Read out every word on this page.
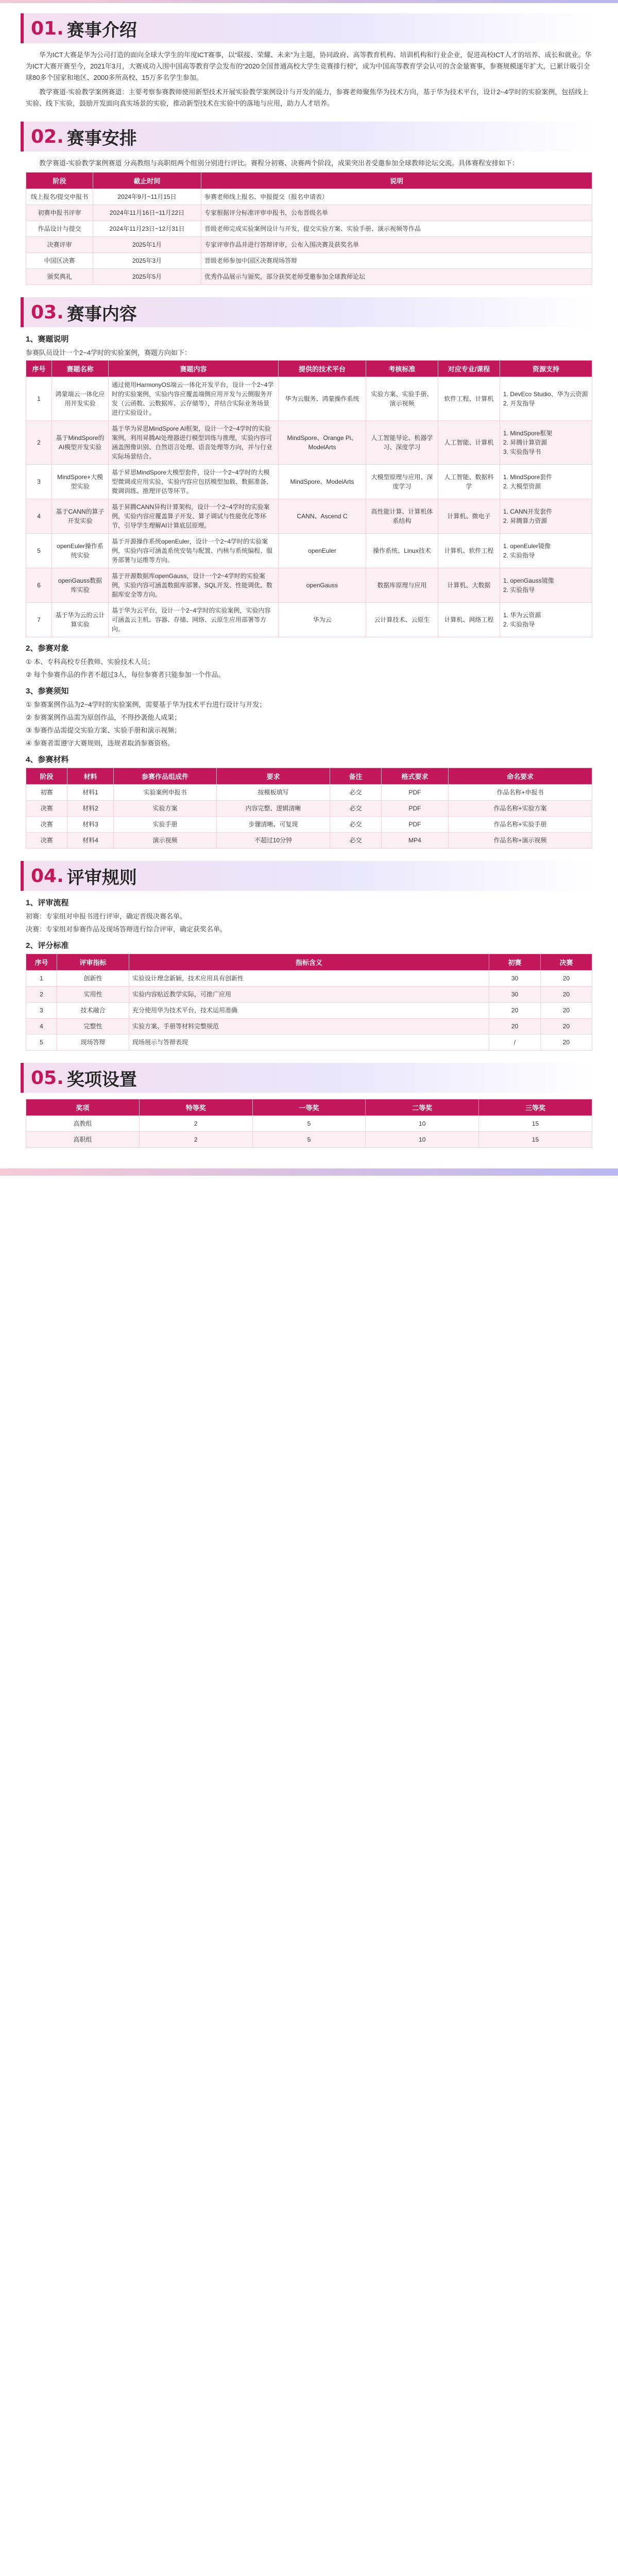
01. 赛事介绍

华为ICT大赛是华为公司打造的面向全球大学生的年度ICT赛事，以“联接、荣耀、未来”为主题，协同政府、高等教育机构、培训机构和行业企业，促进高校ICT人才的培养、成长和就业。华为ICT大赛开赛至今，2021年3月，大赛成功入围中国高等教育学会发布的“2020全国普通高校大学生竞赛排行榜”，成为中国高等教育学会认可的含金量赛事，参赛规模逐年扩大，已累计吸引全球80多个国家和地区、2000多所高校、15万多名学生参加。

教学赛道·实验教学案例赛道：主要考察参赛教师使用新型技术开展实验教学案例设计与开发的能力，参赛老师聚焦华为技术方向，基于华为技术平台，设计2~4学时的实验案例，包括线上实验、线下实验，鼓励开发面向真实场景的实验，推动新型技术在实验中的落地与应用，助力人才培养。

02. 赛事安排

教学赛道-实验教学案例赛道 分高教组与高职组两个组别分别进行评比。赛程分初赛、决赛两个阶段，成果突出者受邀参加全球教师论坛交流。具体赛程安排如下：

阶段	截止时间	说明
线上报名/提交申报书	2024年9月~11月15日	参赛老师线上报名、申报提交（报名申请表）
初赛申报书评审	2024年11月16日~11月22日	专家根据评分标准评审申报书，公布晋级名单
作品设计与提交	2024年11月23日~12月31日	晋级老师完成实验案例设计与开发，提交实验方案、实验手册、演示视频等作品
决赛评审	2025年1月	专家评审作品并进行答辩评审，公布入围决赛及获奖名单
中国区决赛	2025年3月	晋级老师参加中国区决赛现场答辩
颁奖典礼	2025年5月	优秀作品展示与颁奖，部分获奖老师受邀参加全球教师论坛
03. 赛事内容
1、赛题说明
参赛队员设计一个2~4学时的实验案例，赛题方向如下：
序号	赛题名称	赛题内容	提供的技术平台	考核标准	对应专业/课程	资源支持
1	鸿蒙端云一体化应用开发实验	通过使用HarmonyOS端云一体化开发平台，设计一个2~4学时的实验案例，实验内容应覆盖端侧应用开发与云侧服务开发（云函数、云数据库、云存储等），并结合实际业务场景进行实验设计。	华为云服务、鸿蒙操作系统	实验方案、实验手册、演示视频	软件工程、计算机	1. DevEco Studio、华为云资源
2. 开发指导
2	基于MindSpore的AI模型开发实验	基于华为昇思MindSpore AI框架，设计一个2~4学时的实验案例，利用昇腾AI处理器进行模型训练与推理，实验内容可涵盖图像识别、自然语言处理、语音处理等方向，并与行业实际场景结合。	MindSpore、Orange Pi、ModelArts	人工智能导论、机器学习、深度学习	人工智能、计算机	1. MindSpore框架
2. 昇腾计算资源
3. 实验指导书
3	MindSpore+大模型实验	基于昇思MindSpore大模型套件，设计一个2~4学时的大模型微调或应用实验，实验内容应包括模型加载、数据准备、微调训练、推理评估等环节。	MindSpore、ModelArts	大模型原理与应用、深度学习	人工智能、数据科学	1. MindSpore套件
2. 大模型资源
4	基于CANN的算子开发实验	基于昇腾CANN异构计算架构，设计一个2~4学时的实验案例，实验内容应覆盖算子开发、算子调试与性能优化等环节，引导学生理解AI计算底层原理。	CANN、Ascend C	高性能计算、计算机体系结构	计算机、微电子	1. CANN开发套件
2. 昇腾算力资源
5	openEuler操作系统实验	基于开源操作系统openEuler，设计一个2~4学时的实验案例，实验内容可涵盖系统安装与配置、内核与系统编程、服务部署与运维等方向。	openEuler	操作系统、Linux技术	计算机、软件工程	1. openEuler镜像
2. 实验指导
6	openGauss数据库实验	基于开源数据库openGauss，设计一个2~4学时的实验案例，实验内容可涵盖数据库部署、SQL开发、性能调优、数据库安全等方向。	openGauss	数据库原理与应用	计算机、大数据	1. openGauss镜像
2. 实验指导
7	基于华为云的云计算实验	基于华为云平台，设计一个2~4学时的实验案例，实验内容可涵盖云主机、容器、存储、网络、云原生应用部署等方向。	华为云	云计算技术、云原生	计算机、网络工程	1. 华为云资源
2. 实验指导
2、参赛对象
① 本、专科高校专任教师、实验技术人员；
② 每个参赛作品的作者不超过3人，每位参赛者只能参加一个作品。
3、参赛须知
① 参赛案例作品为2~4学时的实验案例，需要基于华为技术平台进行设计与开发；
② 参赛案例作品需为原创作品，不得抄袭他人成果；
③ 参赛作品需提交实验方案、实验手册和演示视频；
④ 参赛者需遵守大赛规则，违规者取消参赛资格。
4、参赛材料
阶段	材料	参赛作品组成件	要求	备注	格式要求	命名要求
初赛	材料1	实验案例申报书	按模板填写	必交	PDF	作品名称+申报书
决赛	材料2	实验方案	内容完整、逻辑清晰	必交	PDF	作品名称+实验方案
决赛	材料3	实验手册	步骤清晰、可复现	必交	PDF	作品名称+实验手册
决赛	材料4	演示视频	不超过10分钟	必交	MP4	作品名称+演示视频
04. 评审规则
1、评审流程
初赛：专家组对申报书进行评审，确定晋级决赛名单。
决赛：专家组对参赛作品及现场答辩进行综合评审，确定获奖名单。
2、评分标准
序号	评审指标	指标含义	初赛	决赛
1	创新性	实验设计理念新颖，技术应用具有创新性	30	20
2	实用性	实验内容贴近教学实际，可推广应用	30	20
3	技术融合	充分使用华为技术平台，技术运用准确	20	20
4	完整性	实验方案、手册等材料完整规范	20	20
5	现场答辩	现场展示与答辩表现	/	20
05. 奖项设置
奖项	特等奖	一等奖	二等奖	三等奖
高教组	2	5	10	15
高职组	2	5	10	15
